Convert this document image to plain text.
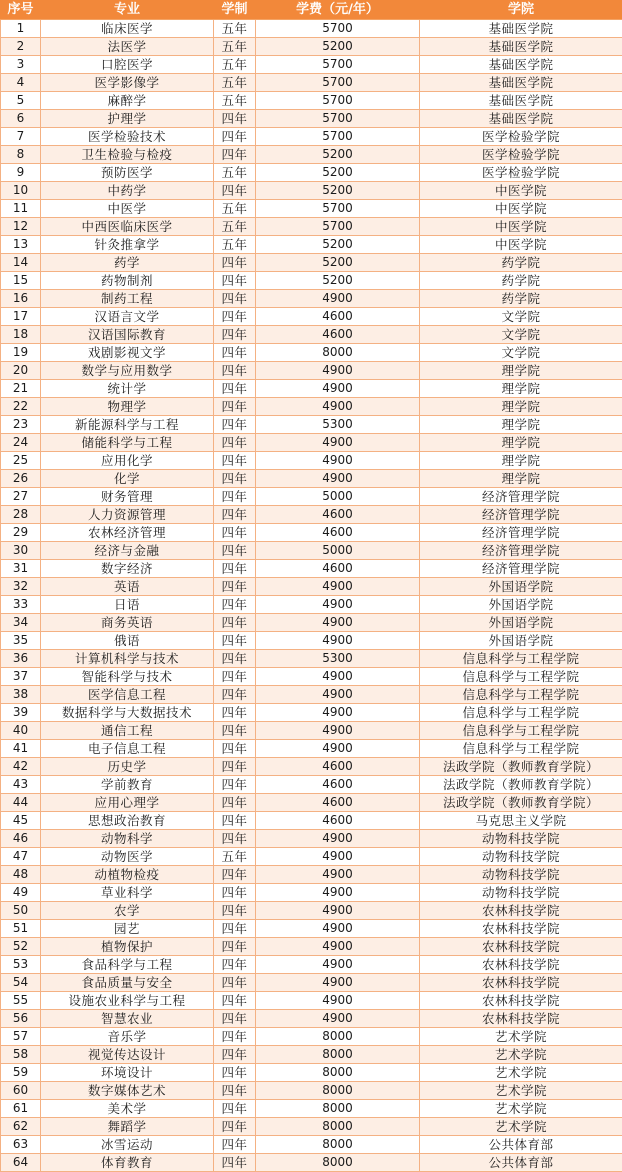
序号	专业	学制	学费（元/年）	学院
1	临床医学	五年	5700	基础医学院
2	法医学	五年	5200	基础医学院
3	口腔医学	五年	5700	基础医学院
4	医学影像学	五年	5700	基础医学院
5	麻醉学	五年	5700	基础医学院
6	护理学	四年	5700	基础医学院
7	医学检验技术	四年	5700	医学检验学院
8	卫生检验与检疫	四年	5200	医学检验学院
9	预防医学	五年	5200	医学检验学院
10	中药学	四年	5200	中医学院
11	中医学	五年	5700	中医学院
12	中西医临床医学	五年	5700	中医学院
13	针灸推拿学	五年	5200	中医学院
14	药学	四年	5200	药学院
15	药物制剂	四年	5200	药学院
16	制药工程	四年	4900	药学院
17	汉语言文学	四年	4600	文学院
18	汉语国际教育	四年	4600	文学院
19	戏剧影视文学	四年	8000	文学院
20	数学与应用数学	四年	4900	理学院
21	统计学	四年	4900	理学院
22	物理学	四年	4900	理学院
23	新能源科学与工程	四年	5300	理学院
24	储能科学与工程	四年	4900	理学院
25	应用化学	四年	4900	理学院
26	化学	四年	4900	理学院
27	财务管理	四年	5000	经济管理学院
28	人力资源管理	四年	4600	经济管理学院
29	农林经济管理	四年	4600	经济管理学院
30	经济与金融	四年	5000	经济管理学院
31	数字经济	四年	4600	经济管理学院
32	英语	四年	4900	外国语学院
33	日语	四年	4900	外国语学院
34	商务英语	四年	4900	外国语学院
35	俄语	四年	4900	外国语学院
36	计算机科学与技术	四年	5300	信息科学与工程学院
37	智能科学与技术	四年	4900	信息科学与工程学院
38	医学信息工程	四年	4900	信息科学与工程学院
39	数据科学与大数据技术	四年	4900	信息科学与工程学院
40	通信工程	四年	4900	信息科学与工程学院
41	电子信息工程	四年	4900	信息科学与工程学院
42	历史学	四年	4600	法政学院（教师教育学院）
43	学前教育	四年	4600	法政学院（教师教育学院）
44	应用心理学	四年	4600	法政学院（教师教育学院）
45	思想政治教育	四年	4600	马克思主义学院
46	动物科学	四年	4900	动物科技学院
47	动物医学	五年	4900	动物科技学院
48	动植物检疫	四年	4900	动物科技学院
49	草业科学	四年	4900	动物科技学院
50	农学	四年	4900	农林科技学院
51	园艺	四年	4900	农林科技学院
52	植物保护	四年	4900	农林科技学院
53	食品科学与工程	四年	4900	农林科技学院
54	食品质量与安全	四年	4900	农林科技学院
55	设施农业科学与工程	四年	4900	农林科技学院
56	智慧农业	四年	4900	农林科技学院
57	音乐学	四年	8000	艺术学院
58	视觉传达设计	四年	8000	艺术学院
59	环境设计	四年	8000	艺术学院
60	数字媒体艺术	四年	8000	艺术学院
61	美术学	四年	8000	艺术学院
62	舞蹈学	四年	8000	艺术学院
63	冰雪运动	四年	8000	公共体育部
64	体育教育	四年	8000	公共体育部
